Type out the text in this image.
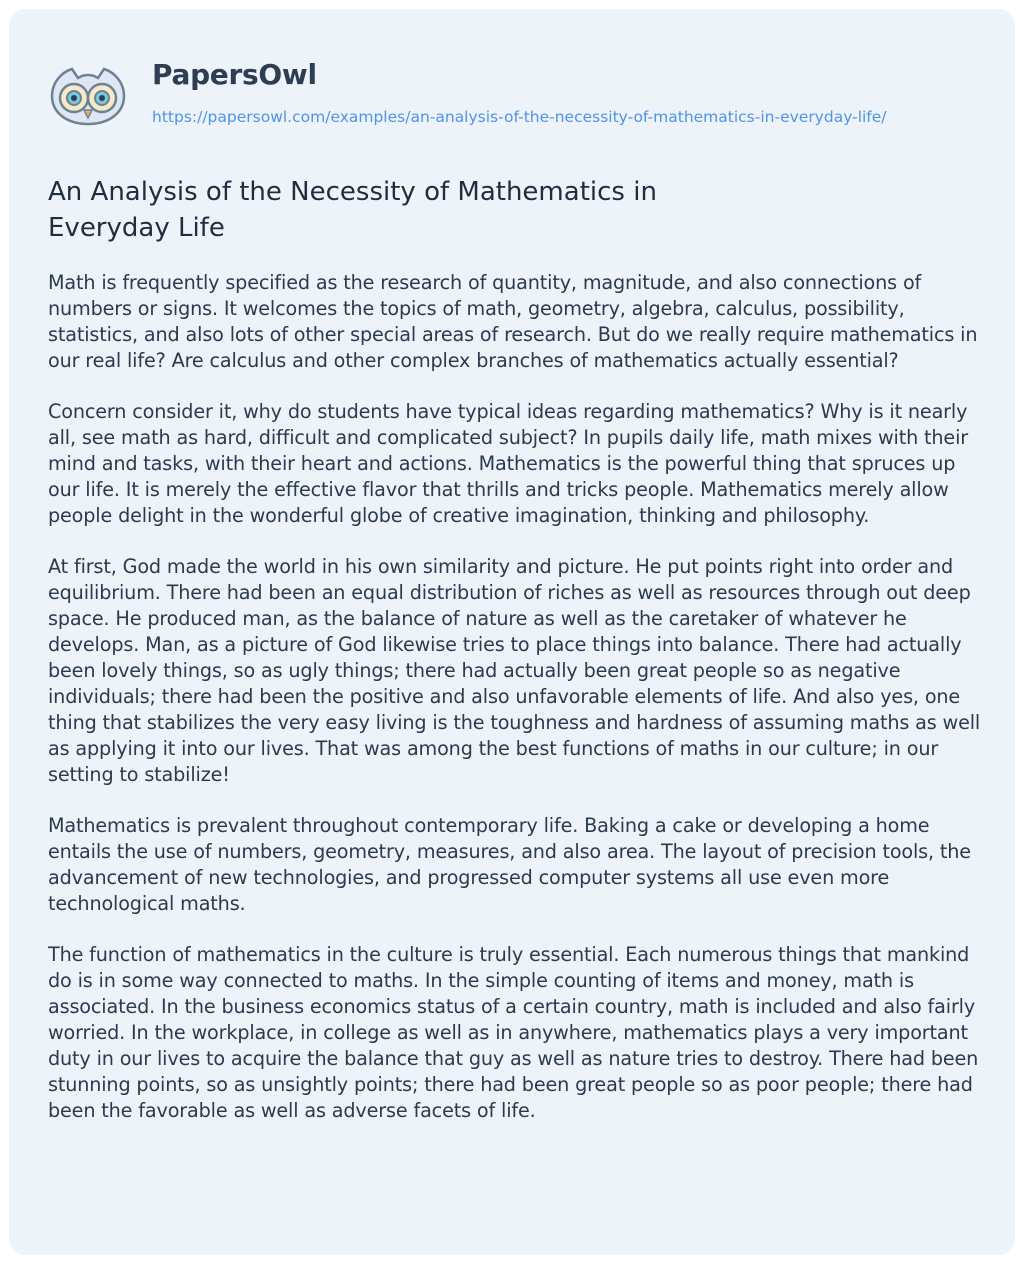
PapersOwl
https://papersowl.com/examples/an-analysis-of-the-necessity-of-mathematics-in-everyday-life/
An Analysis of the Necessity of Mathematics in Everyday Life

Math is frequently specified as the research of quantity, magnitude, and also connections of numbers or signs. It welcomes the topics of math, geometry, algebra, calculus, possibility, statistics, and also lots of other special areas of research. But do we really require mathematics in our real life? Are calculus and other complex branches of mathematics actually essential?

Concern consider it, why do students have typical ideas regarding mathematics? Why is it nearly all, see math as hard, difficult and complicated subject? In pupils daily life, math mixes with their mind and tasks, with their heart and actions. Mathematics is the powerful thing that spruces up our life. It is merely the effective flavor that thrills and tricks people. Mathematics merely allow people delight in the wonderful globe of creative imagination, thinking and philosophy.

At first, God made the world in his own similarity and picture. He put points right into order and equilibrium. There had been an equal distribution of riches as well as resources through out deep space. He produced man, as the balance of nature as well as the caretaker of whatever he develops. Man, as a picture of God likewise tries to place things into balance. There had actually been lovely things, so as ugly things; there had actually been great people so as negative individuals; there had been the positive and also unfavorable elements of life. And also yes, one thing that stabilizes the very easy living is the toughness and hardness of assuming maths as well as applying it into our lives. That was among the best functions of maths in our culture; in our setting to stabilize!

Mathematics is prevalent throughout contemporary life. Baking a cake or developing a home entails the use of numbers, geometry, measures, and also area. The layout of precision tools, the advancement of new technologies, and progressed computer systems all use even more technological maths.

The function of mathematics in the culture is truly essential. Each numerous things that mankind do is in some way connected to maths. In the simple counting of items and money, math is associated. In the business economics status of a certain country, math is included and also fairly worried. In the workplace, in college as well as in anywhere, mathematics plays a very important duty in our lives to acquire the balance that guy as well as nature tries to destroy. There had been stunning points, so as unsightly points; there had been great people so as poor people; there had been the favorable as well as adverse facets of life.
